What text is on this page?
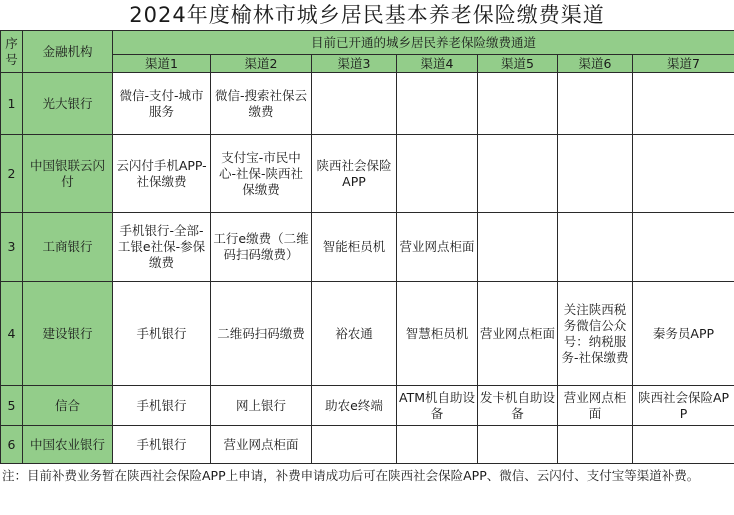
2024年度榆林市城乡居民基本养老保险缴费渠道
序号	金融机构	目前已开通的城乡居民养老保险缴费通道						
		渠道1	渠道2	渠道3	渠道4	渠道5	渠道6	渠道7
1	光大银行	微信-支付-城市服务	微信-搜索社保云缴费					
2	中国银联云闪付	云闪付手机APP-社保缴费	支付宝-市民中心-社保-陕西社保缴费	陕西社会保险APP				
3	工商银行	手机银行-全部-工银e社保-参保缴费	工行e缴费（二维码扫码缴费）	智能柜员机	营业网点柜面			
4	建设银行	手机银行	二维码扫码缴费	裕农通	智慧柜员机	营业网点柜面	关注陕西税务微信公众号：纳税服务-社保缴费	秦务员APP
5	信合	手机银行	网上银行	助农e终端	ATM机自助设备	发卡机自助设备	营业网点柜面	陕西社会保险APP
6	中国农业银行	手机银行	营业网点柜面					
注：目前补费业务暂在陕西社会保险APP上申请，补费申请成功后可在陕西社会保险APP、微信、云闪付、支付宝等渠道补费。
